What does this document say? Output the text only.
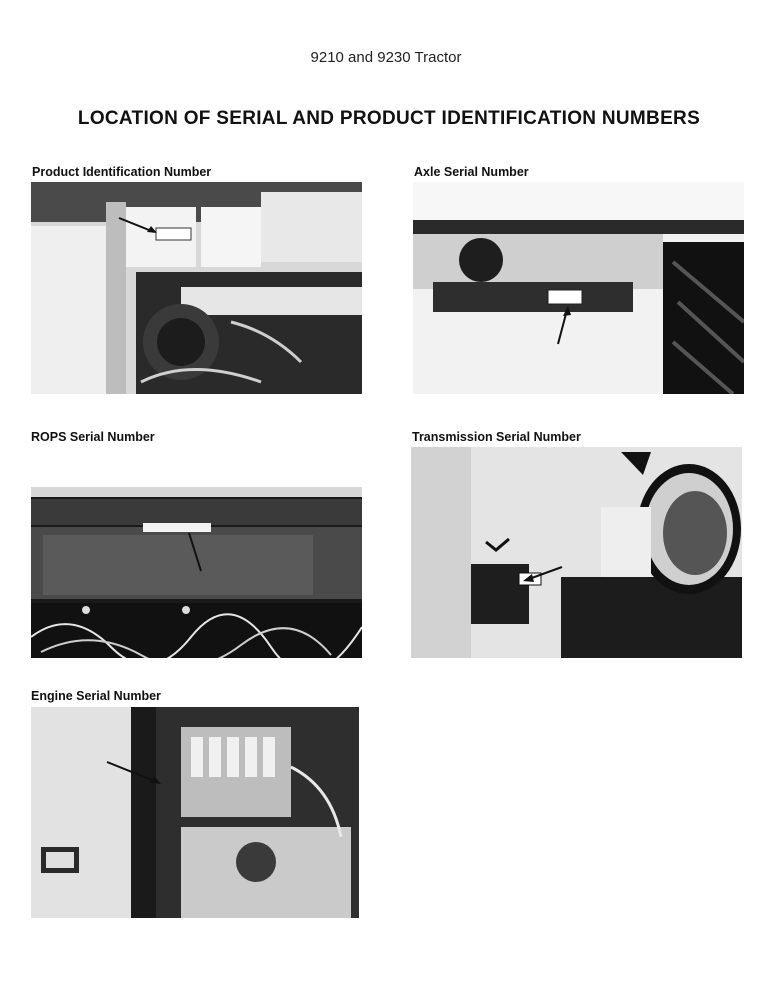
9210 and 9230 Tractor
LOCATION OF SERIAL AND PRODUCT IDENTIFICATION NUMBERS
Product Identification Number	Axle Serial Number
ROPS Serial Number	Transmission Serial Number
Engine Serial Number
